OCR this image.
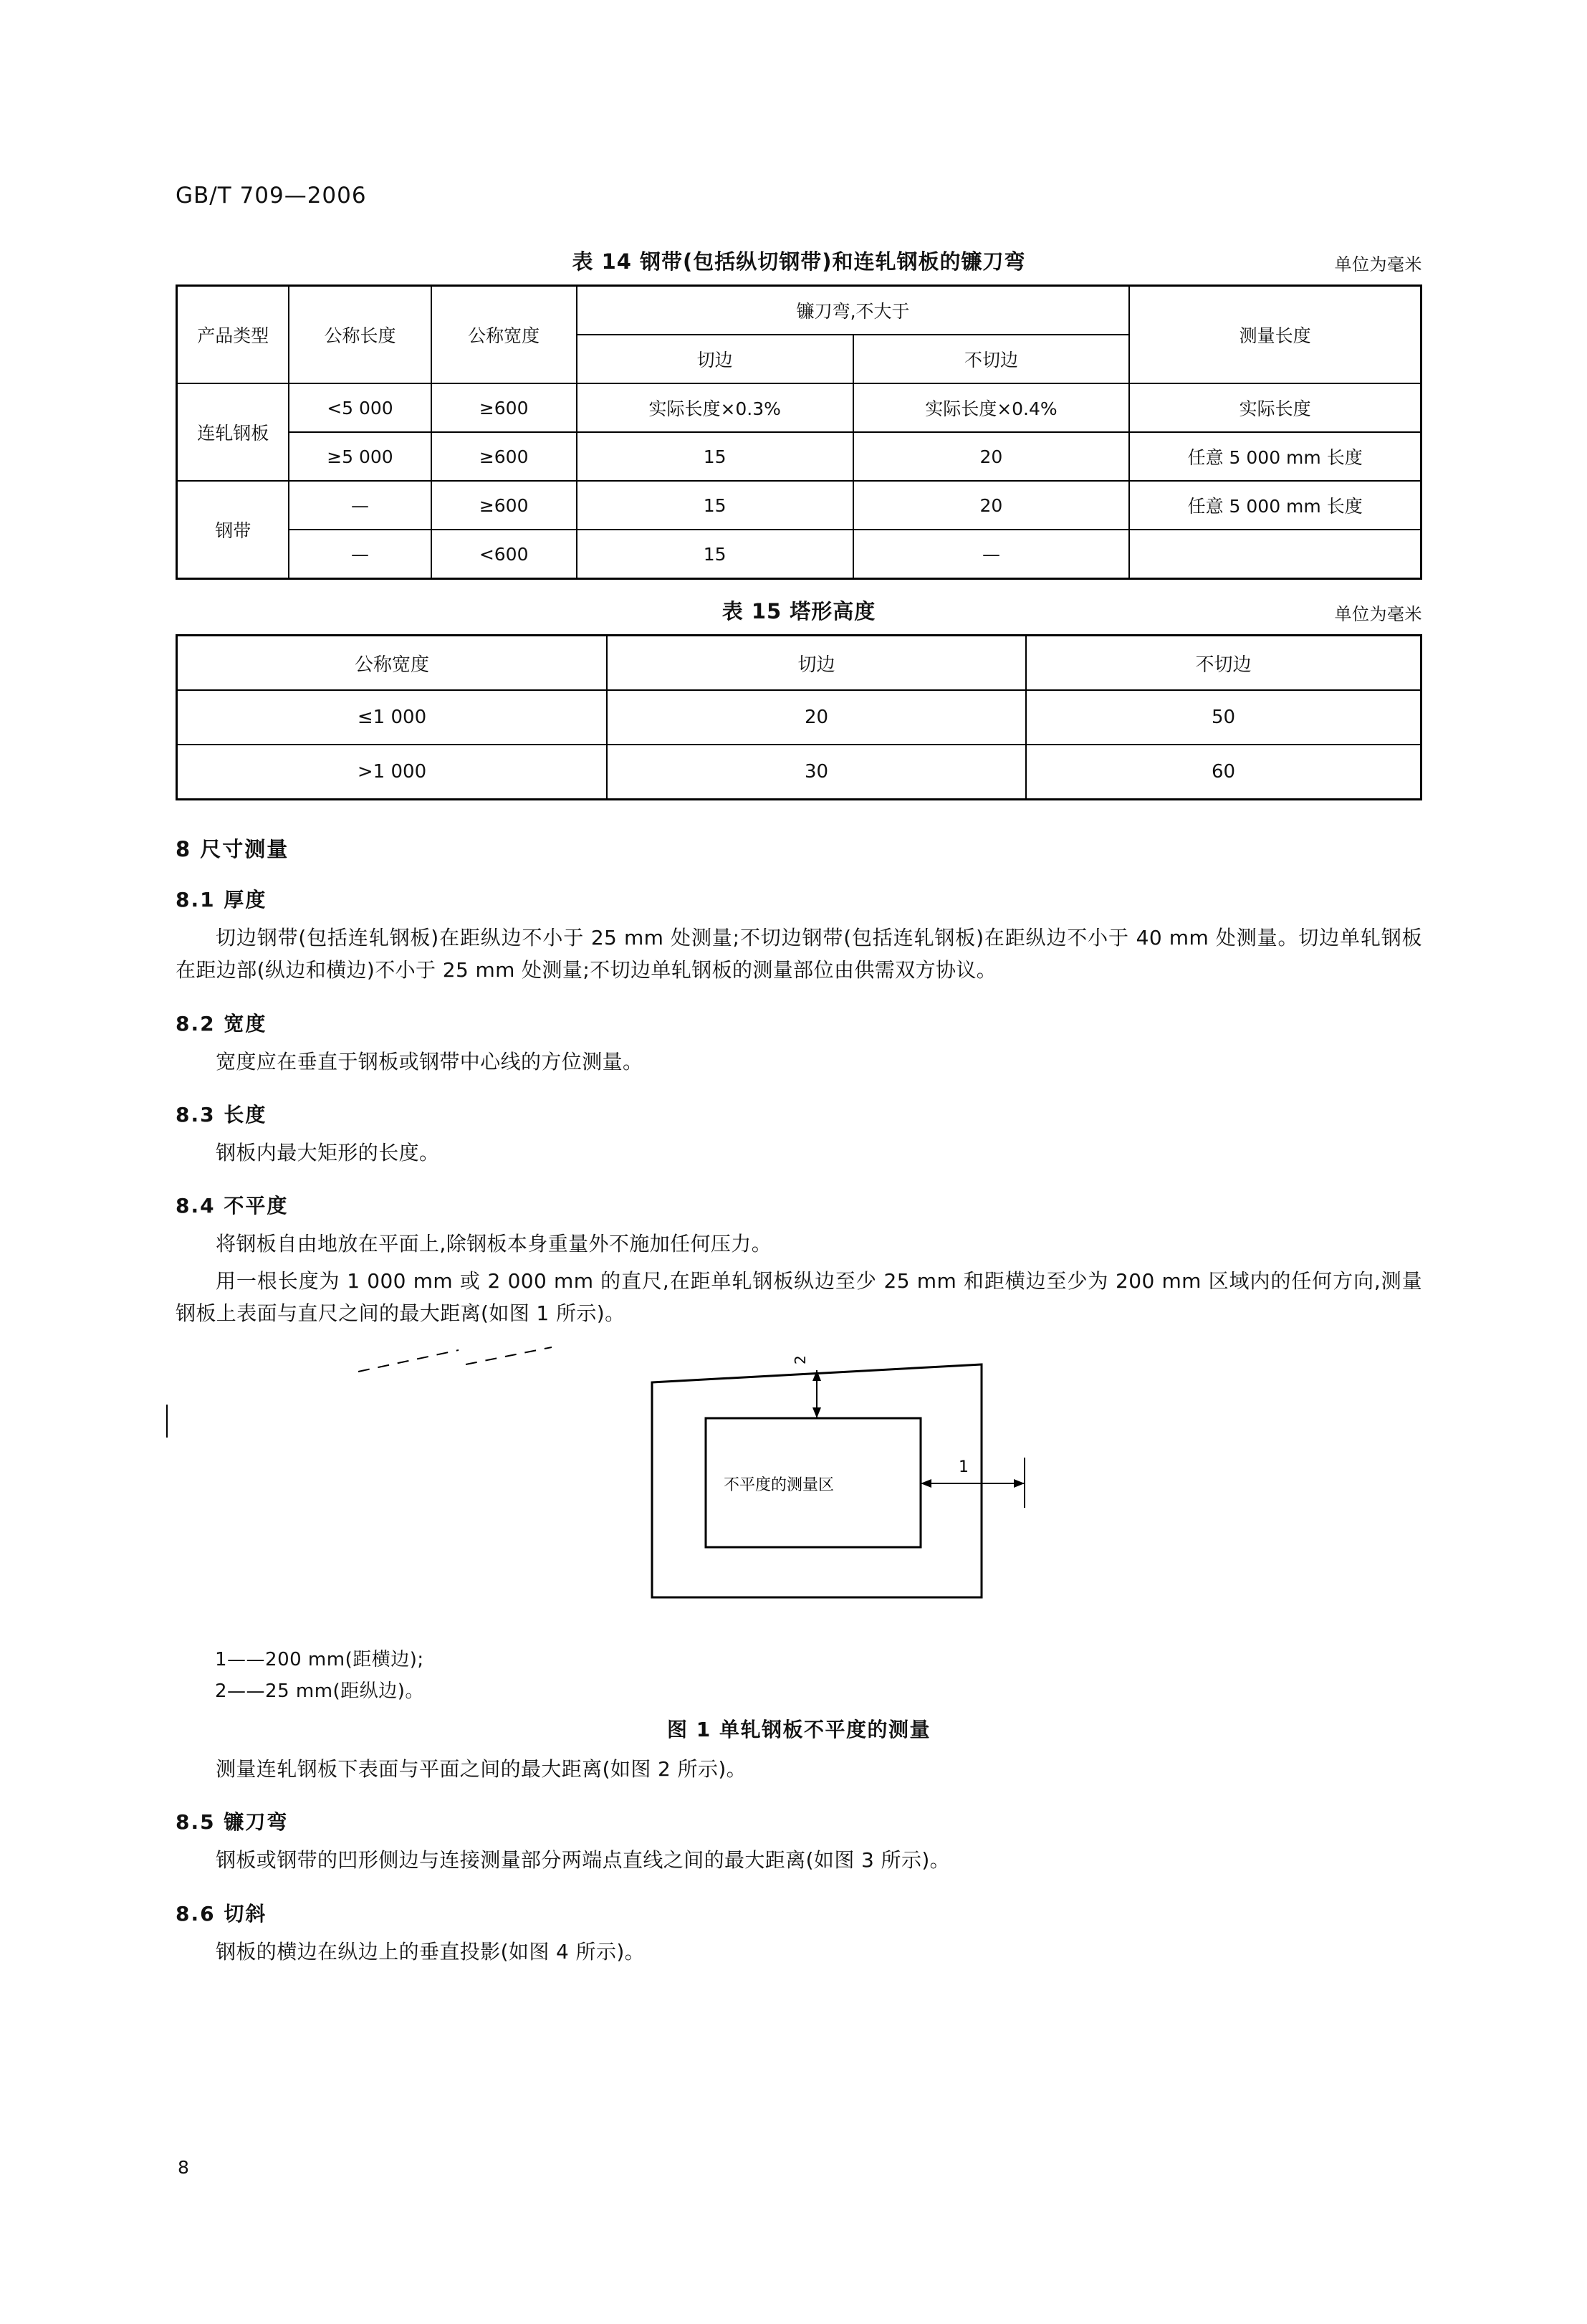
GB/T 709—2006
表 14 钢带(包括纵切钢带)和连轧钢板的镰刀弯	单位为毫米
产品类型	公称长度	公称宽度	镰刀弯,不大于		测量长度
			切边	不切边	
连轧钢板	<5 000	≥600	实际长度×0.3%	实际长度×0.4%	实际长度
	≥5 000	≥600	15	20	任意 5 000 mm 长度
钢带	—	≥600	15	20	任意 5 000 mm 长度
	—	<600	15	—	
表 15 塔形高度	单位为毫米
公称宽度	切边	不切边
≤1 000	20	50
>1 000	30	60
8 尺寸测量
8.1 厚度

切边钢带(包括连轧钢板)在距纵边不小于 25 mm 处测量;不切边钢带(包括连轧钢板)在距纵边不小于 40 mm 处测量。切边单轧钢板在距边部(纵边和横边)不小于 25 mm 处测量;不切边单轧钢板的测量部位由供需双方协议。

8.2 宽度

宽度应在垂直于钢板或钢带中心线的方位测量。

8.3 长度

钢板内最大矩形的长度。

8.4 不平度

将钢板自由地放在平面上,除钢板本身重量外不施加任何压力。

用一根长度为 1 000 mm 或 2 000 mm 的直尺,在距单轧钢板纵边至少 25 mm 和距横边至少为 200 mm 区域内的任何方向,测量钢板上表面与直尺之间的最大距离(如图 1 所示)。

不平度的测量区
2
1
1——200 mm(距横边);
2——25 mm(距纵边)。
图 1 单轧钢板不平度的测量

测量连轧钢板下表面与平面之间的最大距离(如图 2 所示)。

8.5 镰刀弯

钢板或钢带的凹形侧边与连接测量部分两端点直线之间的最大距离(如图 3 所示)。

8.6 切斜

钢板的横边在纵边上的垂直投影(如图 4 所示)。

8
